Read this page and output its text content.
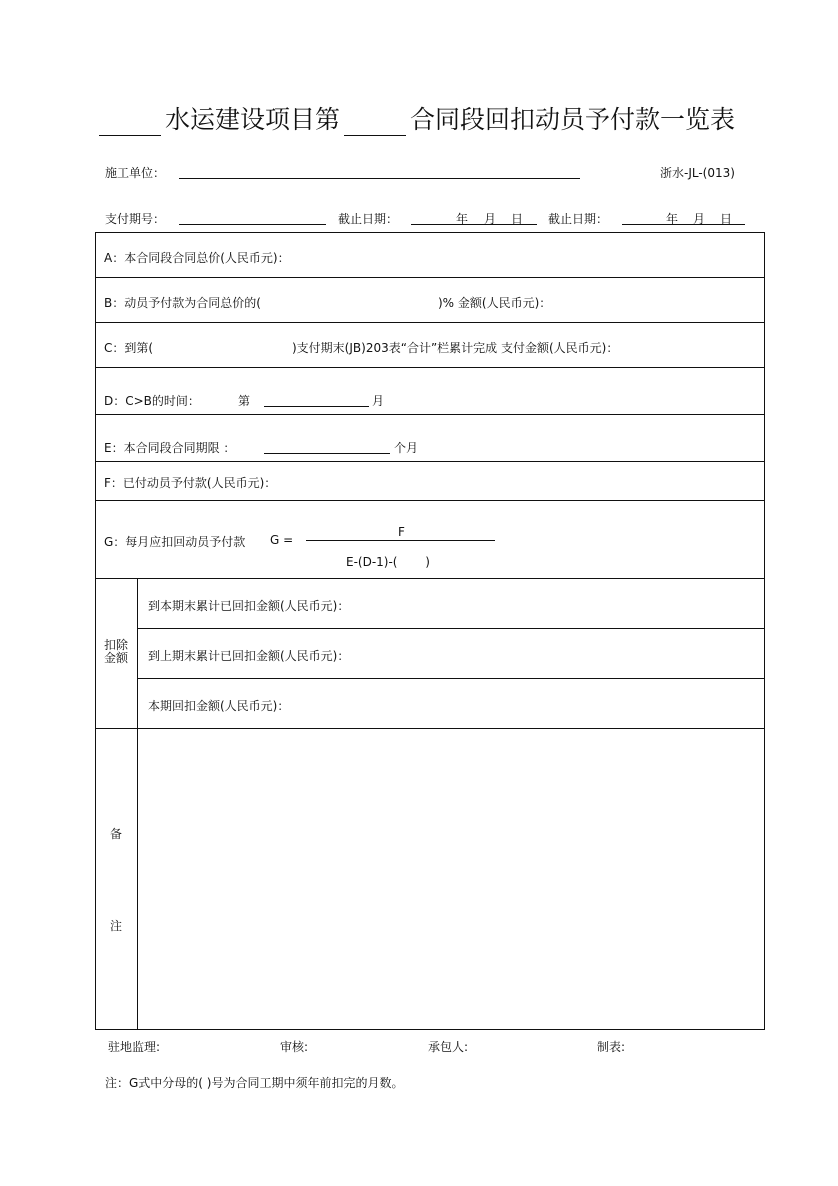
水运建设项目第	合同段回扣动员予付款一览表
施工单位：	浙水-JL-(013)
支付期号：	截止日期：	年 月 日 截止日期：	年 月 日
A：本合同段合同总价(人民币元)：
B：动员予付款为合同总价的(	)% 金额(人民币元)：
C：到第(	)支付期末(JB)203表“合计”栏累计完成 支付金额(人民币元)：
D：C>B的时间：	第	月
E：本合同段合同期限 ：	个月
F：已付动员予付款(人民币元)：
G：每月应扣回动员予付款 G =
F
E-(D-1)-(　　 )
扣除
金额
到本期末累计已回扣金额(人民币元)：
到上期末累计已回扣金额(人民币元)：
本期回扣金额(人民币元)：
备
注
驻地监理:	审核:	承包人:	制表:
注：G式中分母的( )号为合同工期中须年前扣完的月数。
